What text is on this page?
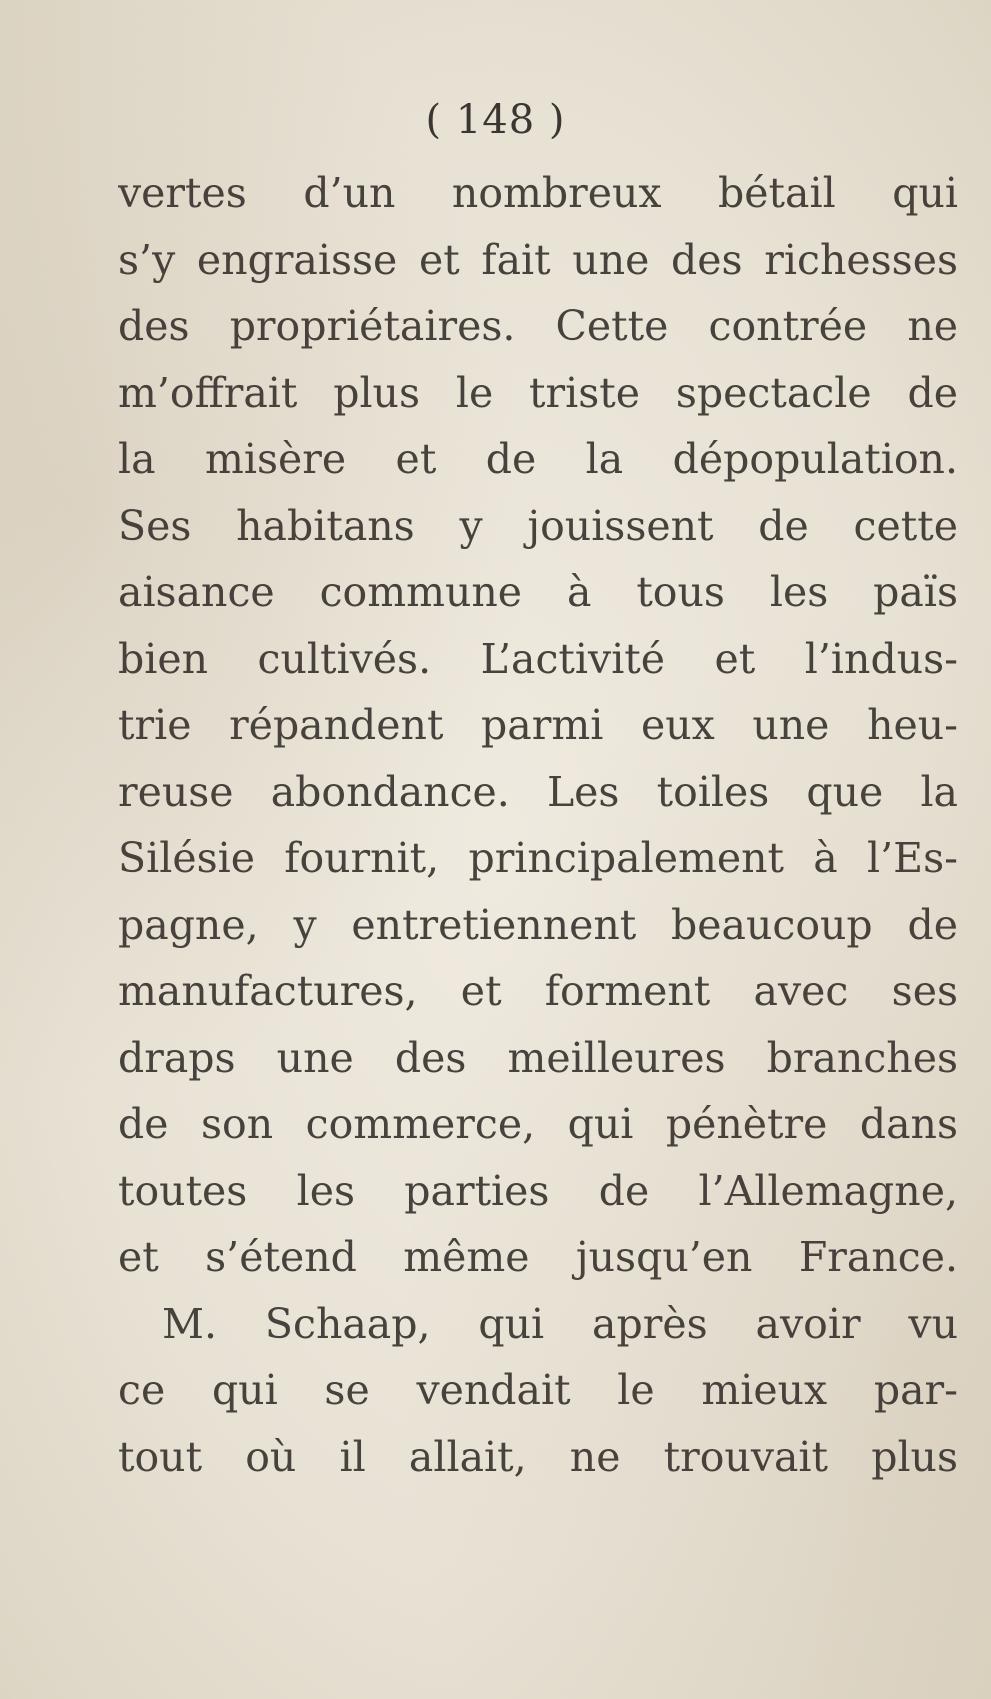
( 148 )
vertes d’un nombreux bétail qui
s’y engraisse et fait une des richesses
des propriétaires. Cette contrée ne
m’offrait plus le triste spectacle de
la misère et de la dépopulation.
Ses habitans y jouissent de cette
aisance commune à tous les païs
bien cultivés. L’activité et l’indus-
trie répandent parmi eux une heu-
reuse abondance. Les toiles que la
Silésie fournit, principalement à l’Es-
pagne, y entretiennent beaucoup de
manufactures, et forment avec ses
draps une des meilleures branches
de son commerce, qui pénètre dans
toutes les parties de l’Allemagne,
et s’étend même jusqu’en France.
M. Schaap, qui après avoir vu
ce qui se vendait le mieux par-
tout où il allait, ne trouvait plus
